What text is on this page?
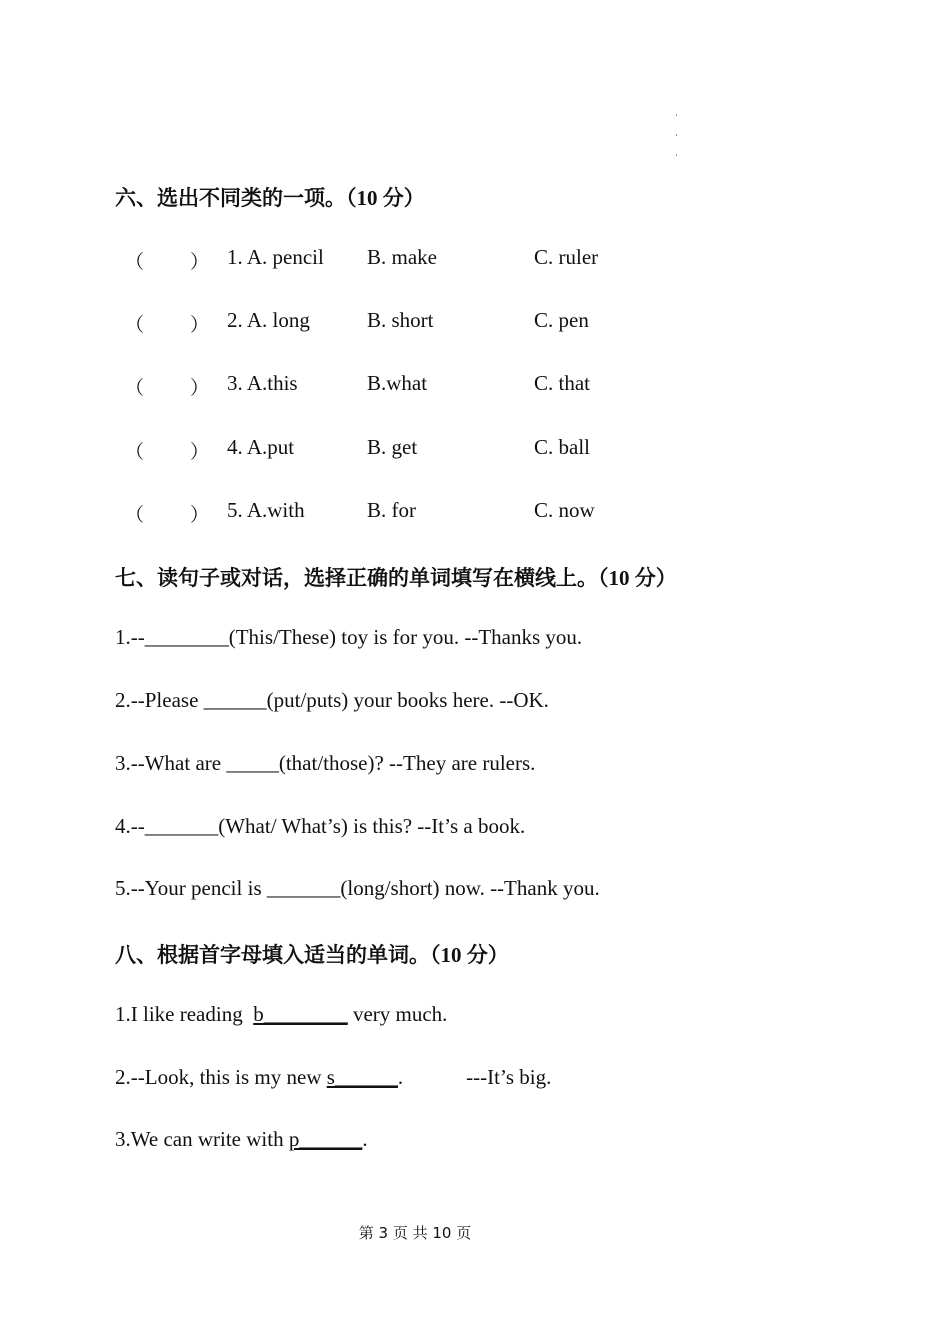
六、选出不同类的一项。（10 分）
（ ） 1. A. pencil B. make	C. ruler
（ ） 2. A. long	B. short	C. pen
（ ） 3. A.this	B.what	C. that
（ ） 4. A.put	B. get	C. ball
（ ） 5. A.with	B. for	C. now
七、读句子或对话，选择正确的单词填写在横线上。（10 分）
1.--________(This/These) toy is for you. --Thanks you.
2.--Please ______(put/puts) your books here. --OK.
3.--What are _____(that/those)? --They are rulers.
4.--_______(What/ What’s) is this? --It’s a book.
5.--Your pencil is _______(long/short) now. --Thank you.
八、根据首字母填入适当的单词。（10 分）
1.I like reading  b________ very much.
2.--Look, this is my new s______.            ---It’s big.
3.We can write with p______.
第 3 页 共 10 页
